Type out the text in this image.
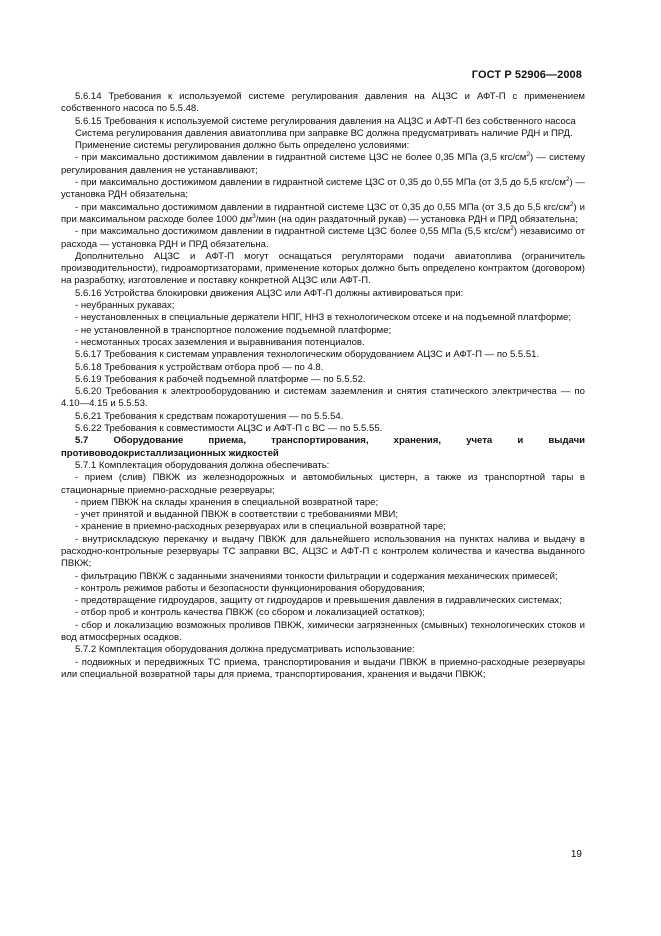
ГОСТ Р 52906—2008

5.6.14 Требования к используемой системе регулирования давления на АЦЗС и АФТ-П с применением собственного насоса по 5.5.48.

5.6.15 Требования к используемой системе регулирования давления на АЦЗС и АФТ-П без собственного насоса

Система регулирования давления авиатоплива при заправке ВС должна предусматривать наличие РДН и ПРД.

Применение системы регулирования должно быть определено условиями:

- при максимально достижимом давлении в гидрантной системе ЦЗС не более 0,35 МПа (3,5 кгс/$см^2$) — систему регулирования давления не устанавливают;

- при максимально достижимом давлении в гидрантной системе ЦЗС от 0,35 до 0,55 МПа (от 3,5 до 5,5 кгс/$см^2$) — установка РДН обязательна;

- при максимально достижимом давлении в гидрантной системе ЦЗС от 0,35 до 0,55 МПа (от 3,5 до 5,5 кгс/$см^2$) и при максимальном расходе более 1000 $дм^3$/мин (на один раздаточный рукав) — установка РДН и ПРД обязательна;

- при максимально достижимом давлении в гидрантной системе ЦЗС более 0,55 МПа (5,5 кгс/$см^2$) независимо от расхода — установка РДН и ПРД обязательна.

Дополнительно АЦЗС и АФТ-П могут оснащаться регуляторами подачи авиатоплива (ограничитель производительности), гидроамортизаторами, применение которых должно быть определено контрактом (договором) на разработку, изготовление и поставку конкретной АЦЗС или АФТ-П.

5.6.16 Устройства блокировки движения АЦЗС или АФТ-П должны активироваться при:

- неубранных рукавах;

- неустановленных в специальные держатели НПГ, ННЗ в технологическом отсеке и на подъемной платформе;

- не установленной в транспортное положение подъемной платформе;

- несмотанных тросах заземления и выравнивания потенциалов.

5.6.17 Требования к системам управления технологическим оборудованием АЦЗС и АФТ-П — по 5.5.51.

5.6.18 Требования к устройствам отбора проб — по 4.8.

5.6.19 Требования к рабочей подъемной платформе — по 5.5.52.

5.6.20 Требования к электрооборудованию и системам заземления и снятия статического электричества — по 4.10—4.15 и 5.5.53.

5.6.21 Требования к средствам пожаротушения — по 5.5.54.

5.6.22 Требования к совместимости АЦЗС и АФТ-П с ВС — по 5.5.55.

5.7 Оборудование приема, транспортирования, хранения, учета и выдачи противоводокристаллизационных жидкостей

5.7.1 Комплектация оборудования должна обеспечивать:

- прием (слив) ПВКЖ из железнодорожных и автомобильных цистерн, а также из транспортной тары в стационарные приемно-расходные резервуары;

- прием ПВКЖ на склады хранения в специальной возвратной таре;

- учет принятой и выданной ПВКЖ в соответствии с требованиями МВИ;

- хранение в приемно-расходных резервуарах или в специальной возвратной таре;

- внутрискладскую перекачку и выдачу ПВКЖ для дальнейшего использования на пунктах налива и выдачу в расходно-контрольные резервуары ТС заправки ВС, АЦЗС и АФТ-П с контролем количества и качества выданного ПВКЖ;

- фильтрацию ПВКЖ с заданными значениями тонкости фильтрации и содержания механических примесей;

- контроль режимов работы и безопасности функционирования оборудования;

- предотвращение гидроударов, защиту от гидроударов и превышения давления в гидравлических системах;

- отбор проб и контроль качества ПВКЖ (со сбором и локализацией остатков);

- сбор и локализацию возможных проливов ПВКЖ, химически загрязненных (смывных) технологических стоков и вод атмосферных осадков.

5.7.2 Комплектация оборудования должна предусматривать использование:

- подвижных и передвижных ТС приема, транспортирования и выдачи ПВКЖ в приемно-расходные резервуары или специальной возвратной тары для приема, транспортирования, хранения и выдачи ПВКЖ;

19
